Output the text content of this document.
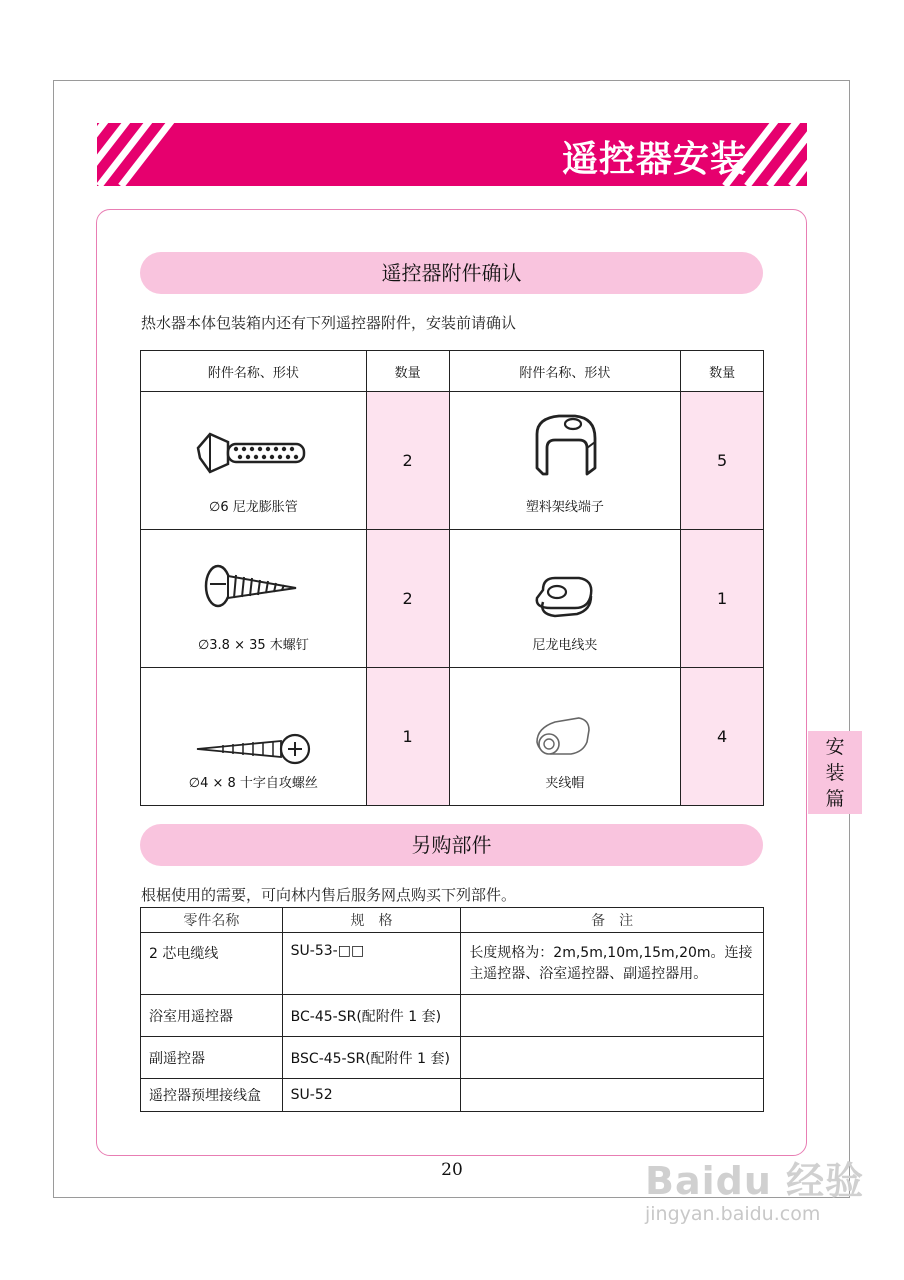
遥控器安装
遥控器附件确认
热水器本体包装箱内还有下列遥控器附件，安装前请确认
附件名称、形状	数量	附件名称、形状	数量

∅6 尼龙膨胀管	2	塑料架线端子	5

∅3.8 × 35 木螺钉	2	尼龙电线夹	1

∅4 × 8 十字自攻螺丝	1	夹线帽	4
另购部件
根椐使用的需要，可向林内售后服务网点购买下列部件。
零件名称	规　格	备　注
2 芯电缆线	SU-53-□□	长度规格为：2m,5m,10m,15m,20m。连接主遥控器、浴室遥控器、副遥控器用。
浴室用遥控器	BC-45-SR(配附件 1 套)	
副遥控器	BSC-45-SR(配附件 1 套)	
遥控器预埋接线盒	SU-52	
安
装
篇
20	Baidu 经验
jingyan.baidu.com
